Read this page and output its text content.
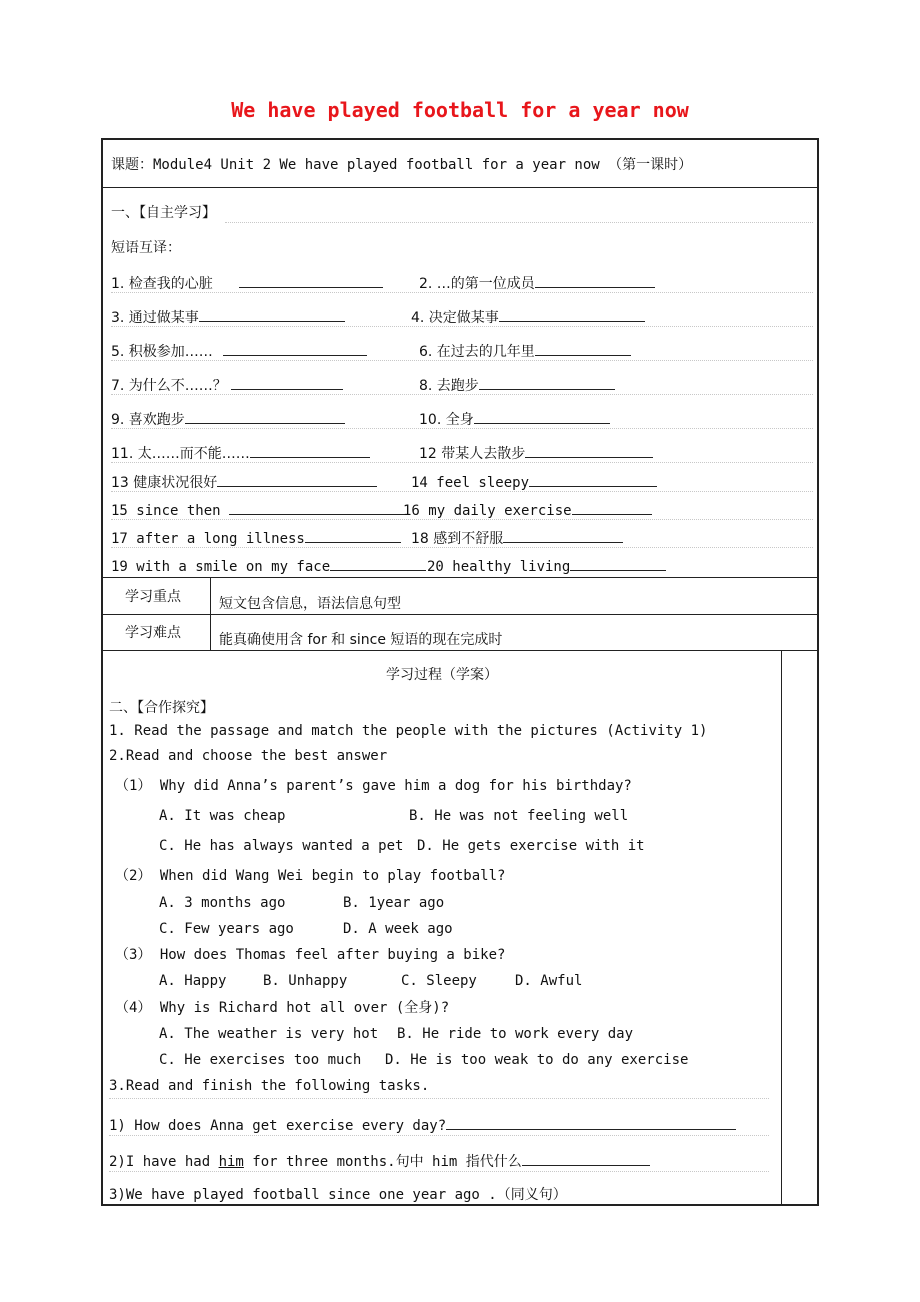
We have played football for a year now
课题：Module4 Unit 2 We have played football for a year now （第一课时）
一、【自主学习】
短语互译：
1. 检查我的心脏	2. …的第一位成员
3. 通过做某事	4. 决定做某事
5. 积极参加……	6. 在过去的几年里
7. 为什么不……？	8. 去跑步
9. 喜欢跑步	10. 全身
11. 太……而不能……	12 带某人去散步
13 健康状况很好	14 feel sleepy
15 since then	16 my daily exercise
17 after a long illness	18 感到不舒服
19 with a smile on my face	20 healthy living
学习重点	短文包含信息，语法信息句型
学习难点	能真确使用含 for 和 since 短语的现在完成时
学习过程（学案）
二、【合作探究】
1. Read the passage and match the people with the pictures (Activity 1)
2.Read and choose the best answer
（1） Why did Anna’s parent’s gave him a dog for his birthday?
A. It was cheap	B. He was not feeling well
C. He has always wanted a pet D. He gets exercise with it
（2） When did Wang Wei begin to play football?
A. 3 months ago	B. 1year ago
C. Few years ago	D. A week ago
（3） How does Thomas feel after buying a bike?
A. Happy	B. Unhappy	C. Sleepy	D. Awful
（4） Why is Richard hot all over (全身)?
A. The weather is very hot B. He ride to work every day
C. He exercises too much D. He is too weak to do any exercise
3.Read and finish the following tasks.
1) How does Anna get exercise every day?
2)I have had him for three months.句中 him 指代什么
3)We have played football since one year ago .（同义句）
